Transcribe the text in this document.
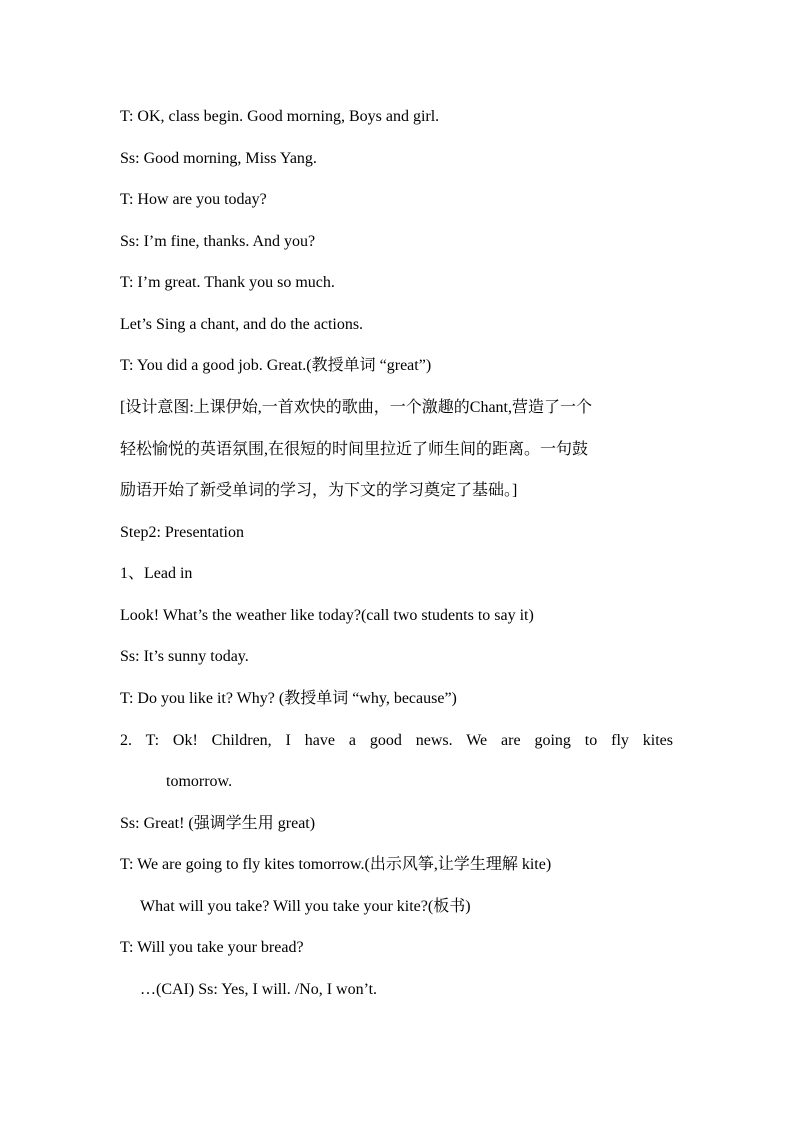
T: OK, class begin. Good morning, Boys and girl.
Ss: Good morning, Miss Yang.
T: How are you today?
Ss: I’m fine, thanks. And you?
T: I’m great. Thank you so much.
Let’s Sing a chant, and do the actions.
T: You did a good job. Great.(教授单词 “great”)
[设计意图:上课伊始,一首欢快的歌曲，一个激趣的Chant,营造了一个
轻松愉悦的英语氛围,在很短的时间里拉近了师生间的距离。一句鼓
励语开始了新受单词的学习，为下文的学习奠定了基础。]
Step2: Presentation
1、Lead in
Look! What’s the weather like today?(call two students to say it)
Ss: It’s sunny today.
T: Do you like it? Why? (教授单词 “why, because”)
2. T: Ok! Children, I have a good news. We are going to fly kites
tomorrow.
Ss: Great! (强调学生用 great)
T: We are going to fly kites tomorrow.(出示风筝,让学生理解 kite)
What will you take? Will you take your kite?(板书)
T: Will you take your bread?
…(CAI) Ss: Yes, I will. /No, I won’t.
